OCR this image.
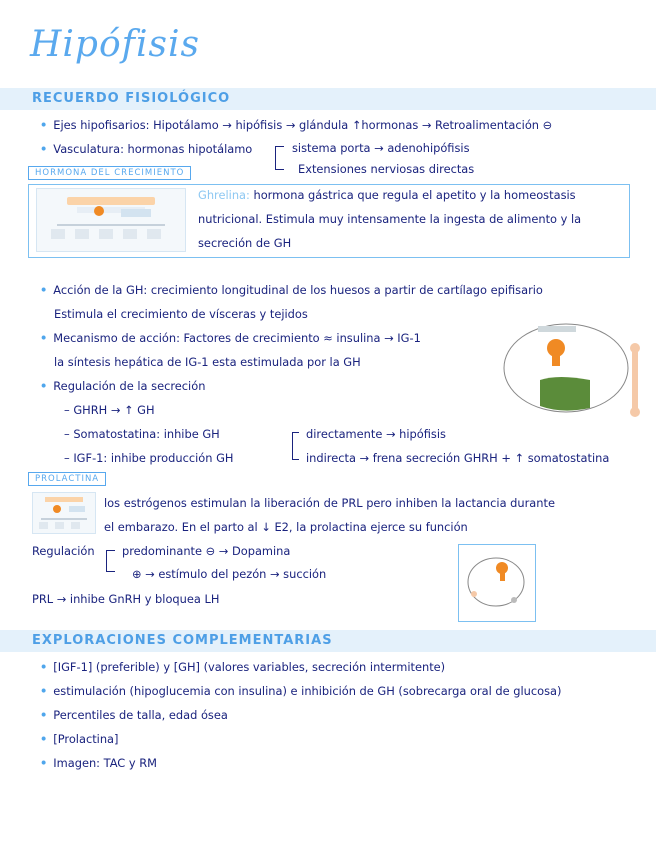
Hipófisis
RECUERDO FISIOLÓGICO
• Ejes hipofisarios: Hipotálamo → hipófisis → glándula ↑hormonas → Retroalimentación ⊖
• Vasculatura: hormonas hipotálamo	sistema porta → adenohipófisis
Extensiones nerviosas directas
HORMONA DEL CRECIMIENTO
Ghrelina: hormona gástrica que regula el apetito y la homeostasis
nutricional. Estimula muy intensamente la ingesta de alimento y la
secreción de GH
• Acción de la GH: crecimiento longitudinal de los huesos a partir de cartílago epifisario
Estimula el crecimiento de vísceras y tejidos
• Mecanismo de acción: Factores de crecimiento ≈ insulina → IG-1
la síntesis hepática de IG-1 esta estimulada por la GH
• Regulación de la secreción
– GHRH → ↑ GH
– Somatostatina: inhibe GH
– IGF-1: inhibe producción GH
directamente → hipófisis
indirecta → frena secreción GHRH + ↑ somatostatina
PROLACTINA
los estrógenos estimulan la liberación de PRL pero inhiben la lactancia durante
el embarazo. En el parto al ↓ E2, la prolactina ejerce su función
Regulación predominante ⊖ → Dopamina
⊕ → estímulo del pezón → succión
PRL → inhibe GnRH y bloquea LH
EXPLORACIONES COMPLEMENTARIAS
• [IGF-1] (preferible) y [GH] (valores variables, secreción intermitente)
• estimulación (hipoglucemia con insulina) e inhibición de GH (sobrecarga oral de glucosa)
• Percentiles de talla, edad ósea
• [Prolactina]
• Imagen: TAC y RM
